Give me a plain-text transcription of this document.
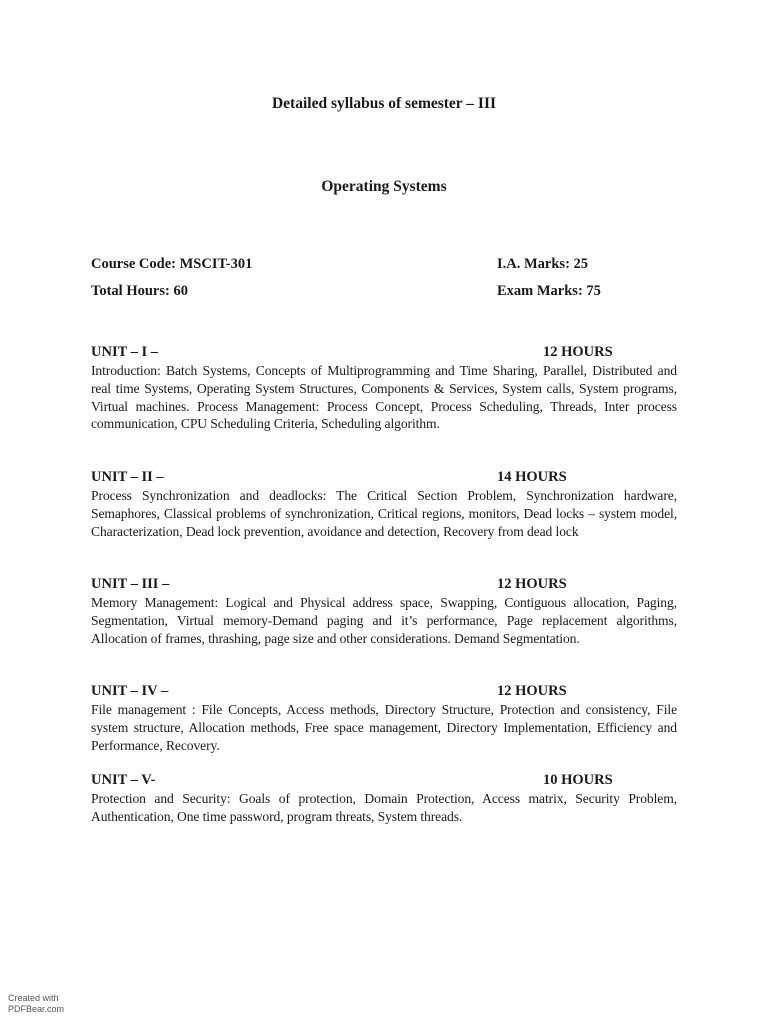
Detailed syllabus of semester – III
Operating Systems
Course Code: MSCIT-301	I.A. Marks: 25
Total Hours: 60	Exam Marks: 75
UNIT – I –	12 HOURS

Introduction: Batch Systems, Concepts of Multiprogramming and Time Sharing, Parallel, Distributed and real time Systems, Operating System Structures, Components & Services, System calls, System programs, Virtual machines. Process Management: Process Concept, Process Scheduling, Threads, Inter process communication, CPU Scheduling Criteria, Scheduling algorithm.

UNIT – II –	14 HOURS

Process Synchronization and deadlocks: The Critical Section Problem, Synchronization hardware, Semaphores, Classical problems of synchronization, Critical regions, monitors, Dead locks – system model, Characterization, Dead lock prevention, avoidance and detection, Recovery from dead lock

UNIT – III –	12 HOURS

Memory Management: Logical and Physical address space, Swapping, Contiguous allocation, Paging, Segmentation, Virtual memory-Demand paging and it’s performance, Page replacement algorithms, Allocation of frames, thrashing, page size and other considerations. Demand Segmentation.

UNIT – IV –	12 HOURS

File management : File Concepts, Access methods, Directory Structure, Protection and consistency, File system structure, Allocation methods, Free space management, Directory Implementation, Efficiency and Performance, Recovery.

UNIT – V-	10 HOURS

Protection and Security: Goals of protection, Domain Protection, Access matrix, Security Problem, Authentication, One time password, program threats, System threads.

Created with
PDFBear.com
